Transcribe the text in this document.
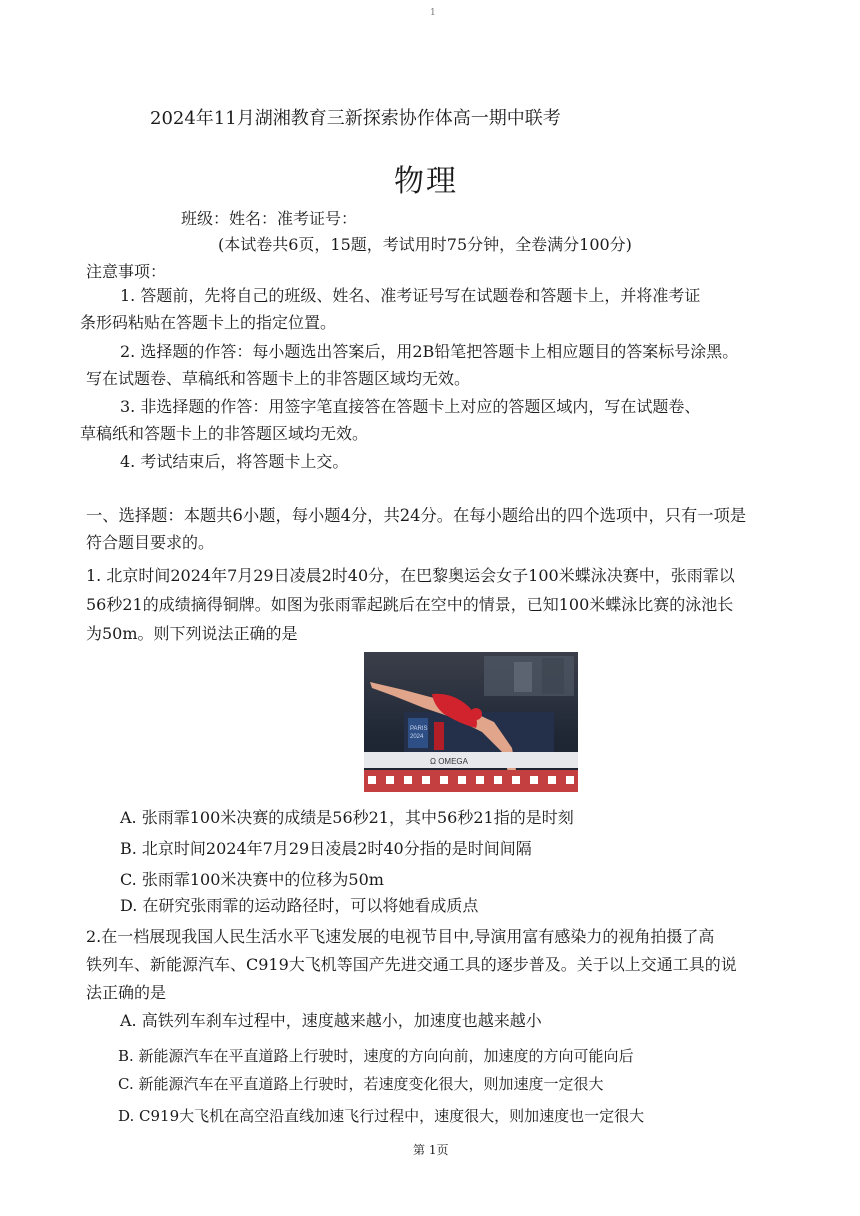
1
2024年11月湖湘教育三新探索协作体高一期中联考
物理
班级：姓名：准考证号：
(本试卷共6页，15题，考试用时75分钟，全卷满分100分)
注意事项：
1. 答题前，先将自己的班级、姓名、准考证号写在试题卷和答题卡上，并将准考证
条形码粘贴在答题卡上的指定位置。
2. 选择题的作答：每小题选出答案后，用2B铅笔把答题卡上相应题目的答案标号涂黑。
写在试题卷、草稿纸和答题卡上的非答题区域均无效。
3. 非选择题的作答：用签字笔直接答在答题卡上对应的答题区域内，写在试题卷、
草稿纸和答题卡上的非答题区域均无效。
4. 考试结束后，将答题卡上交。
一、选择题：本题共6小题，每小题4分，共24分。在每小题给出的四个选项中，只有一项是
符合题目要求的。
1. 北京时间2024年7月29日凌晨2时40分，在巴黎奥运会女子100米蝶泳决赛中，张雨霏以
56秒21的成绩摘得铜牌。如图为张雨霏起跳后在空中的情景，已知100米蝶泳比赛的泳池长
为50m。则下列说法正确的是
PARIS
2024
Ω OMEGA
A. 张雨霏100米决赛的成绩是56秒21，其中56秒21指的是时刻
B. 北京时间2024年7月29日凌晨2时40分指的是时间间隔
C. 张雨霏100米决赛中的位移为50m
D. 在研究张雨霏的运动路径时，可以将她看成质点
2.在一档展现我国人民生活水平飞速发展的电视节目中,导演用富有感染力的视角拍摄了高
铁列车、新能源汽车、C919大飞机等国产先进交通工具的逐步普及。关于以上交通工具的说
法正确的是
A. 高铁列车刹车过程中，速度越来越小，加速度也越来越小
B. 新能源汽车在平直道路上行驶时，速度的方向向前，加速度的方向可能向后
C. 新能源汽车在平直道路上行驶时，若速度变化很大，则加速度一定很大
D. C919大飞机在高空沿直线加速飞行过程中，速度很大，则加速度也一定很大
第 1页
